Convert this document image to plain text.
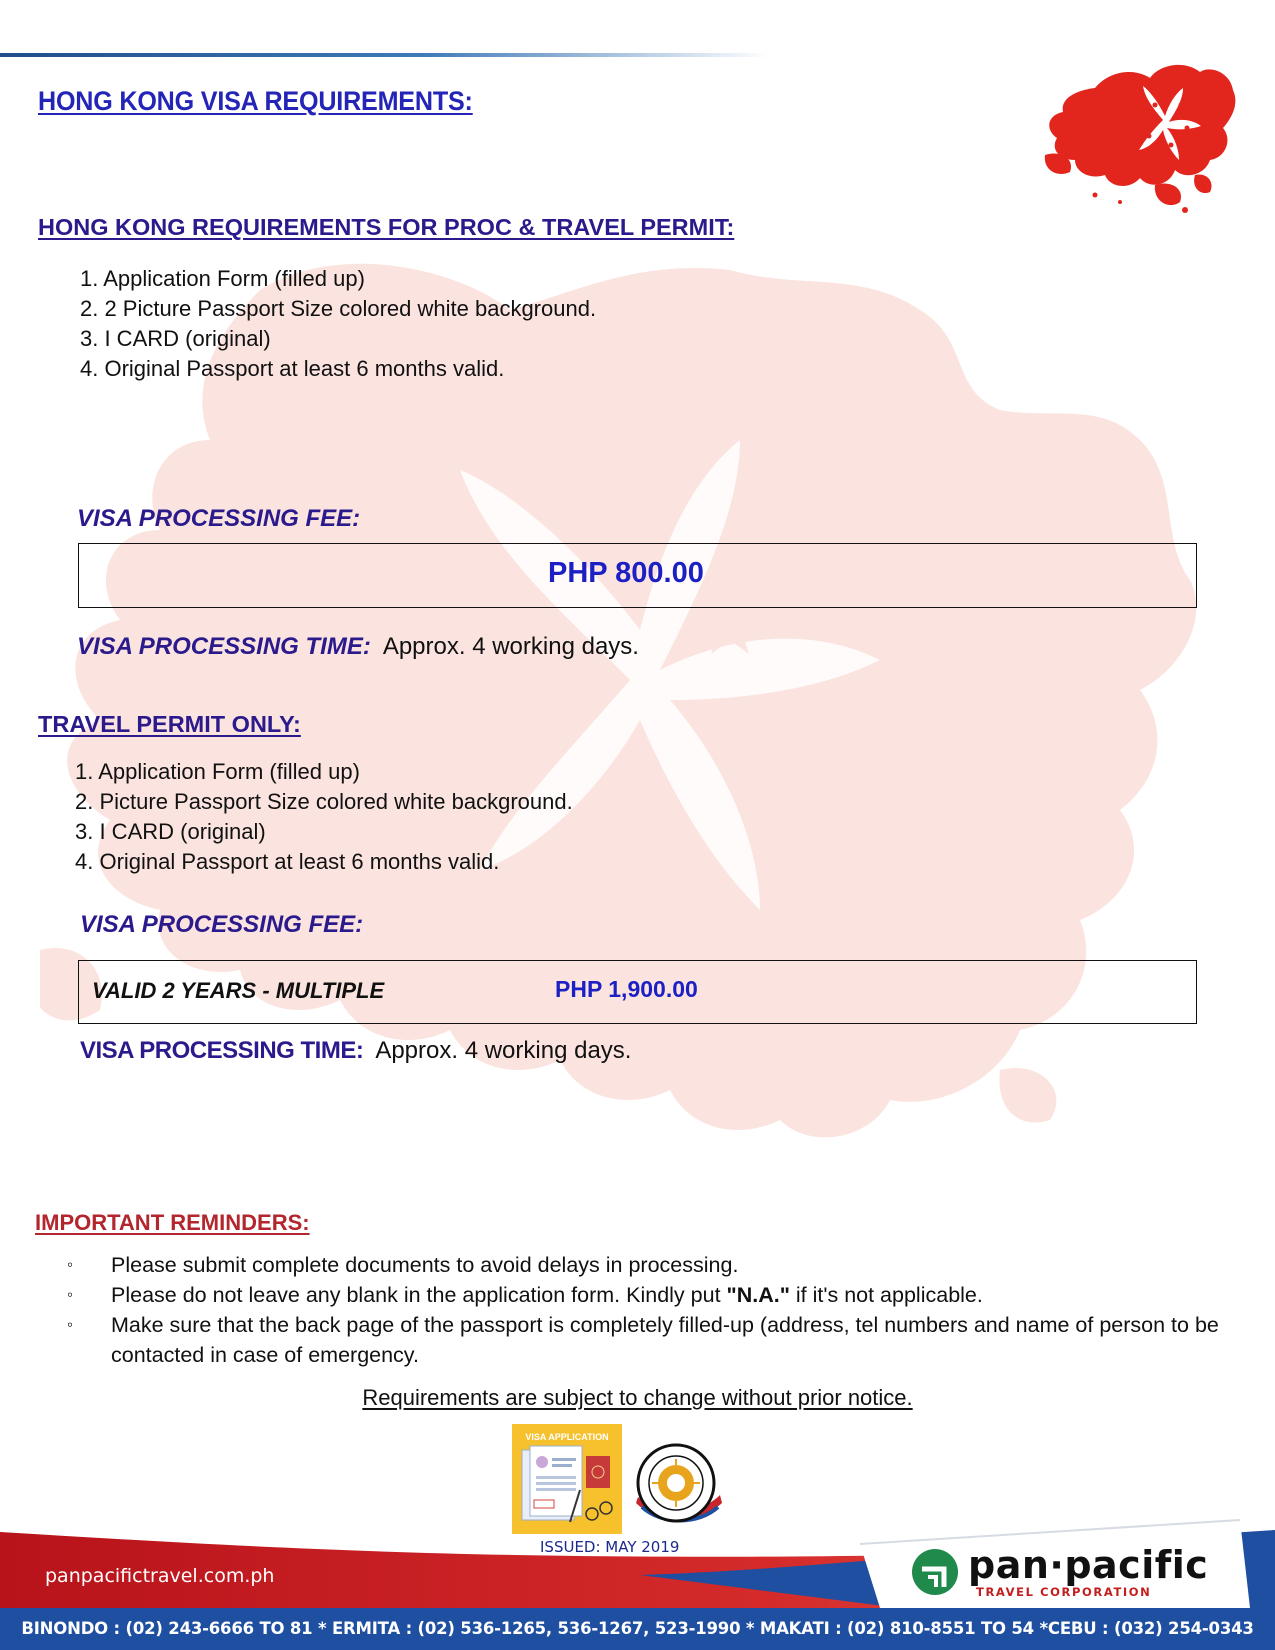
HONG KONG VISA REQUIREMENTS:
HONG KONG REQUIREMENTS FOR PROC & TRAVEL PERMIT:
1. Application Form (filled up)
2. 2 Picture Passport Size colored white background.
3. I CARD (original)
4. Original Passport at least 6 months valid.
VISA PROCESSING FEE:
PHP 800.00
VISA PROCESSING TIME: Approx. 4 working days.
TRAVEL PERMIT ONLY:
1. Application Form (filled up)
2. Picture Passport Size colored white background.
3. I CARD (original)
4. Original Passport at least 6 months valid.
VISA PROCESSING FEE:
VALID 2 YEARS - MULTIPLE	PHP 1,900.00
VISA PROCESSING TIME: Approx. 4 working days.
IMPORTANT REMINDERS:
◦ Please submit complete documents to avoid delays in processing.
◦ Please do not leave any blank in the application form. Kindly put "N.A." if it's not applicable.
◦ Make sure that the back page of the passport is completely filled-up (address, tel numbers and name of person to be contacted in case of emergency.
Requirements are subject to change without prior notice.
VISA APPLICATION
ISSUED: MAY 2019
panpacifictravel.com.ph	pan·pacific
TRAVEL CORPORATION
BINONDO : (02) 243-6666 TO 81 * ERMITA : (02) 536-1265, 536-1267, 523-1990 * MAKATI : (02) 810-8551 TO 54 *CEBU : (032) 254-0343
